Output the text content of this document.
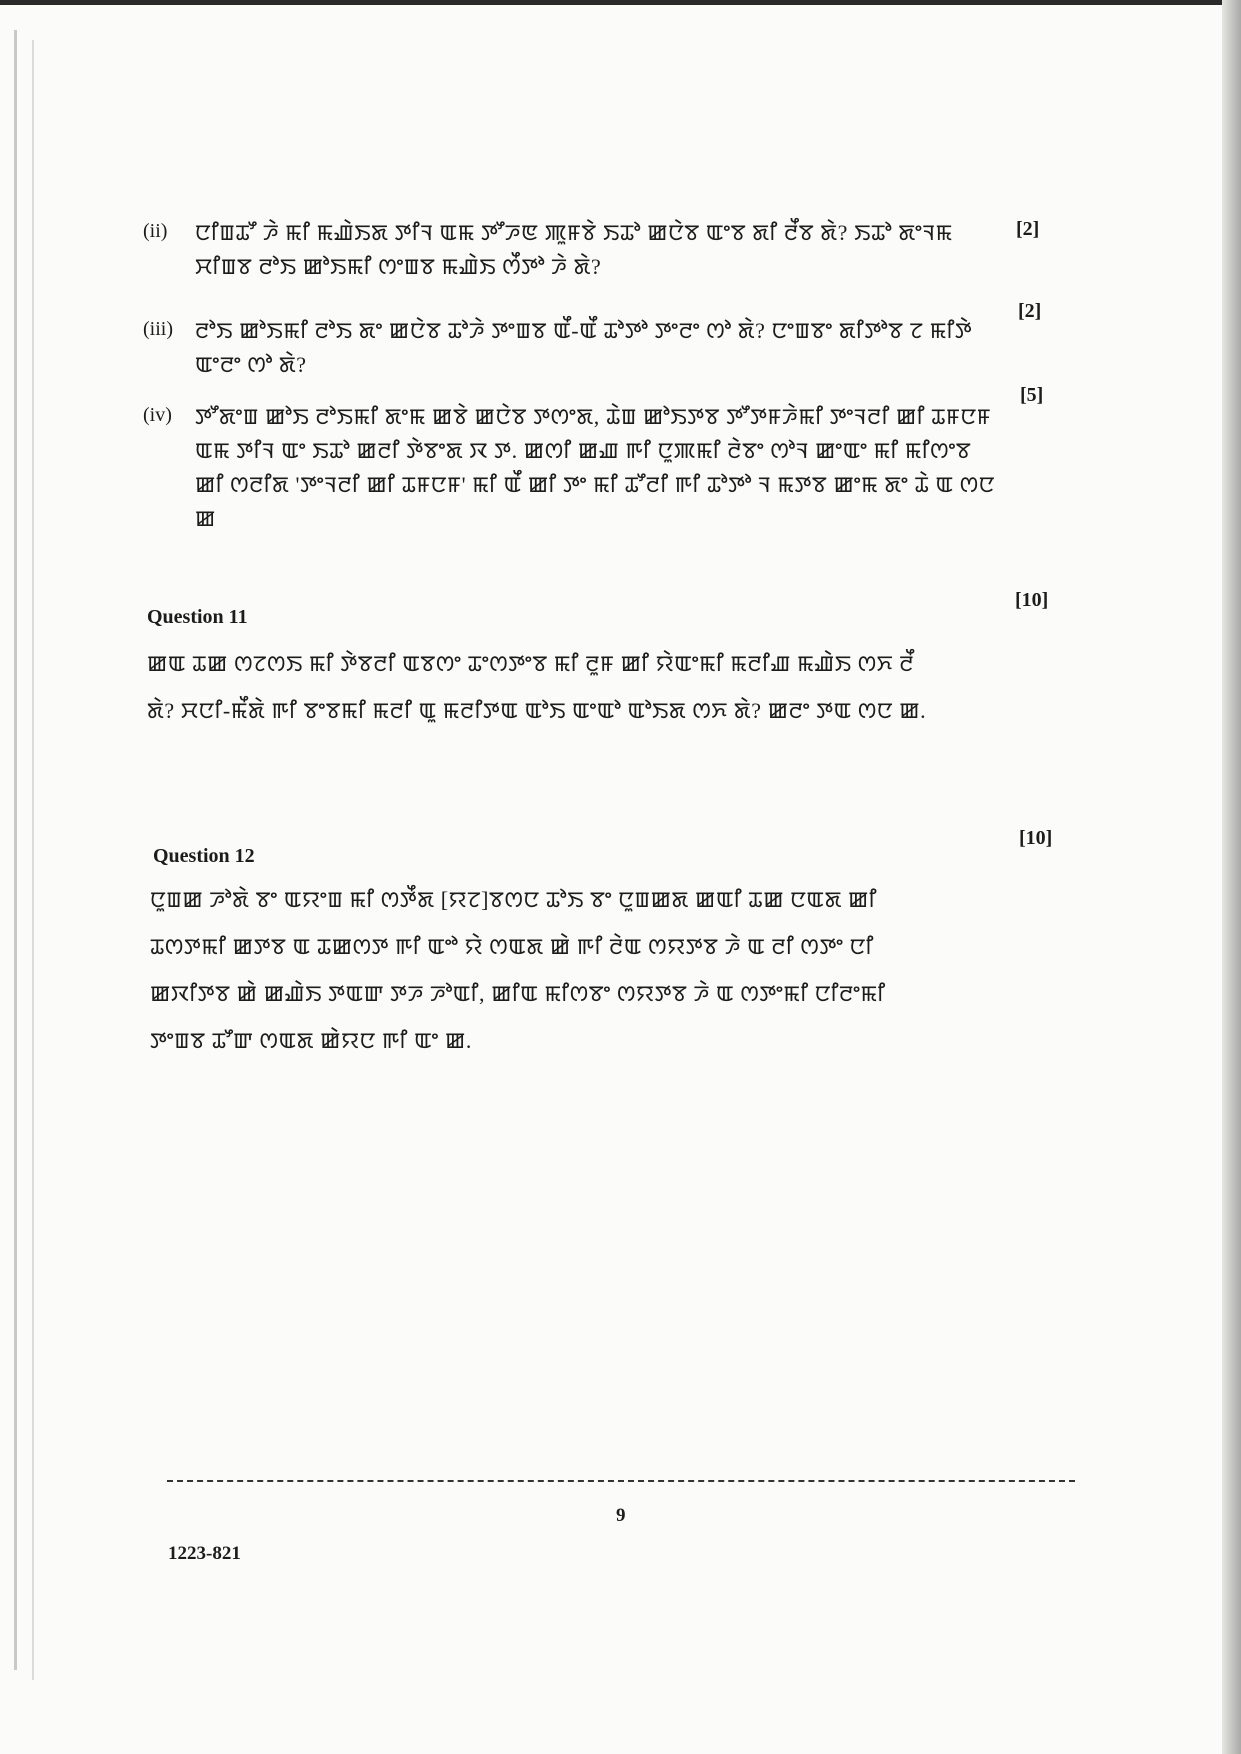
(ii)	ꯅꯤꯡꯊꯧ ꯍꯥ ꯃꯤ ꯃꯉꯥꯏꯗ ꯇꯤꯜ ꯑꯃ ꯇꯧꯍꯟ ꯄꯨꯝꯕꯥ ꯏꯊꯣ ꯀꯅꯥꯕ ꯑꯦꯕ ꯗꯤ ꯂꯩꯕ ꯗꯥ? ꯏꯊꯣ ꯗꯦꯜꯃ ꯆꯤꯡꯕ ꯂꯣꯏ ꯀꯣꯏꯃꯤ ꯁꯦꯡꯕ ꯃꯉꯥꯏ ꯁꯩꯇꯣ ꯍꯥ ꯗꯥ?
[2]
(iii)	ꯂꯣꯏ ꯀꯣꯏꯃꯤ ꯂꯣꯏ ꯗꯦ ꯀꯅꯥꯕ ꯊꯣꯍꯥ ꯇꯦꯡꯕ ꯑꯩ-ꯑꯩ ꯊꯣꯇꯣ ꯇꯦꯂꯦ ꯁꯣ ꯗꯥ? ꯅꯦꯡꯕꯦ ꯗꯤꯇꯣꯕ ꯖ ꯃꯤꯇꯥ ꯑꯦꯂꯦ ꯁꯣ ꯗꯥ?
[2]
(iv)	ꯇꯧꯗꯦꯡ ꯀꯣꯏ ꯂꯣꯏꯃꯤ ꯗꯦꯃ ꯀꯕꯥ ꯀꯅꯥꯕ ꯇꯁꯦꯗ, ꯊꯥꯡ ꯀꯣꯏꯇꯕ ꯇꯧꯇꯝꯍꯥꯃꯤ ꯇꯦꯜꯂꯤ ꯀꯤ ꯊꯝꯅꯝ ꯑꯃ ꯇꯤꯜ ꯑꯦ ꯏꯊꯣ ꯀꯂꯤ ꯇꯥꯕꯦꯗ ꯋ ꯇ. ꯀꯁꯤ ꯀꯉ ꯒꯤ ꯅꯨꯄꯃꯤ ꯂꯥꯕꯦ ꯁꯣꯜ ꯀꯦꯑꯦ ꯃꯤ ꯃꯤꯁꯦꯕ ꯀꯤ ꯁꯂꯤꯗ 'ꯇꯦꯜꯂꯤ ꯀꯤ ꯊꯝꯅꯝ' ꯃꯤ ꯑꯩ ꯀꯤ ꯇꯦ ꯃꯤ ꯊꯧꯂꯤ ꯒꯤ ꯊꯣꯇꯣ ꯜ ꯃꯇꯕ ꯀꯦꯃ ꯗꯦ ꯊꯥ ꯑ ꯁꯅ ꯀ
[5]
Question 11
[10]
ꯀꯑ ꯊꯀ ꯁꯖꯁꯏ ꯃꯤ ꯇꯥꯕꯂꯤ ꯑꯕꯁꯦ ꯊꯦꯁꯇꯦꯕ ꯃꯤ ꯂꯨꯝ ꯀꯤ ꯌꯥꯑꯦꯃꯤ ꯃꯂꯤꯉ ꯃꯉꯥꯏ ꯁꯈ ꯂꯩ ꯗꯥ? ꯆꯅꯤ-ꯃꯩꯗꯥ ꯒꯤ ꯕꯦꯕꯃꯤ ꯃꯂꯤ ꯑꯨ ꯃꯂꯤꯇꯑ ꯑꯣꯏ ꯑꯦꯑꯣ ꯑꯣꯏꯗ ꯁꯈ ꯗꯥ? ꯀꯂꯦ ꯇꯑ ꯁꯅ ꯀ.
Question 12
[10]
ꯅꯨꯡꯀ ꯍꯣꯗꯥ ꯕꯦ ꯑꯌꯦꯡ ꯃꯤ ꯁꯇꯩꯗ [ꯌꯖ]ꯕꯁꯅ ꯊꯣꯏ ꯕꯦ ꯅꯨꯡꯀꯗ ꯀꯑꯤ ꯊꯀ ꯅꯑꯗ ꯀꯤ ꯊꯁꯇꯃꯤ ꯀꯇꯕ ꯑ ꯊꯀꯁꯇ ꯒꯤ ꯑꯦꯣ ꯌꯥ ꯁꯑꯗ ꯀꯥ ꯒꯤ ꯂꯥꯑ ꯁꯌꯇꯕ ꯍꯥ ꯑ ꯂꯤ ꯁꯇꯦ ꯅꯤ ꯀꯋꯤꯇꯕ ꯀꯥ ꯀꯉꯥꯏ ꯇꯑꯛ ꯇꯍ ꯍꯣꯑꯤ, ꯀꯤꯑ ꯃꯤꯁꯕꯦ ꯁꯌꯇꯕ ꯍꯥ ꯑ ꯁꯇꯦꯃꯤ ꯅꯤꯂꯦꯃꯤ ꯇꯦꯡꯕ ꯊꯧꯛ ꯁꯑꯗ ꯀꯥꯌꯅ ꯒꯤ ꯑꯦ ꯀ.
9
1223-821
